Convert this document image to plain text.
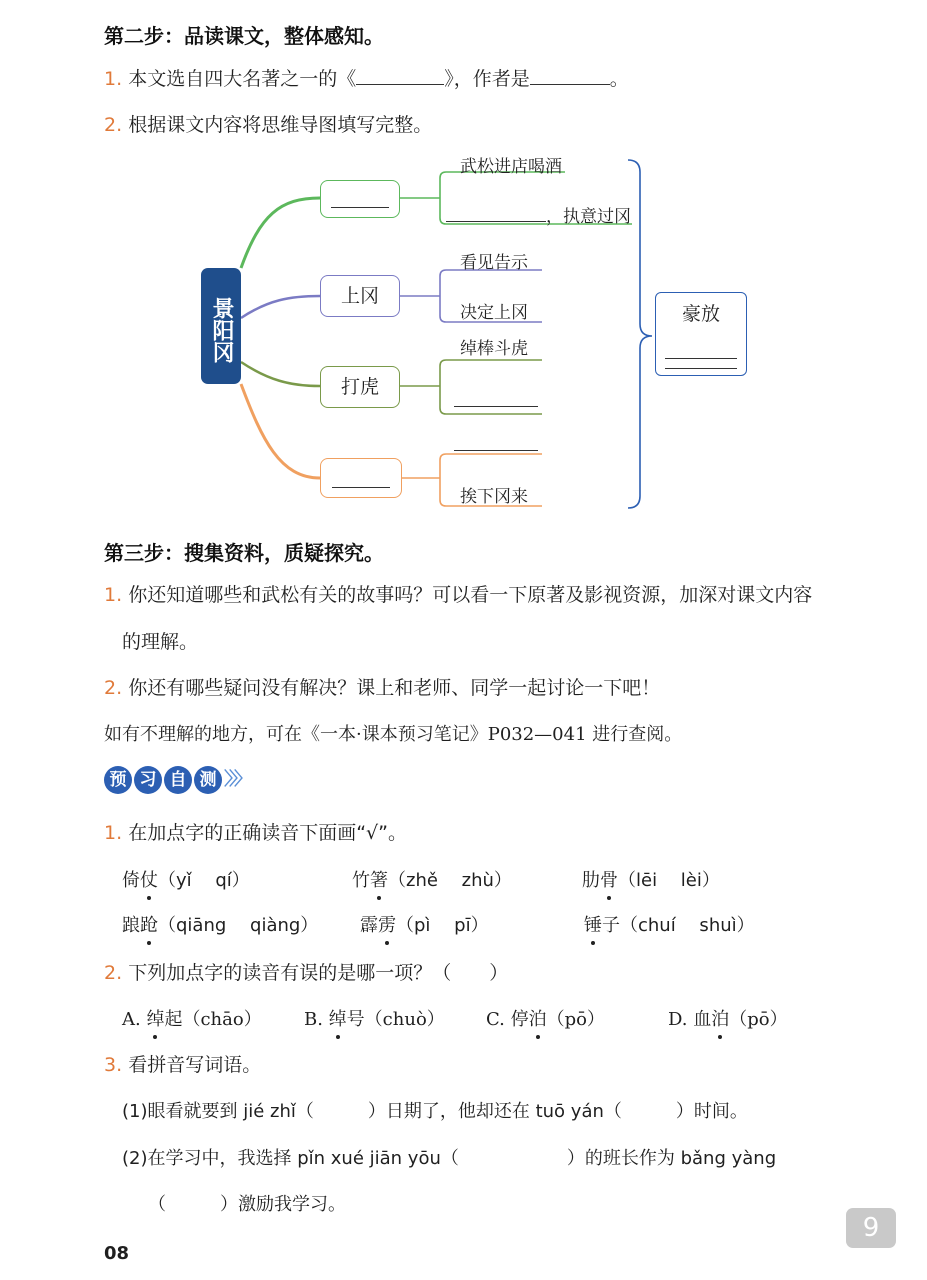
第二步：品读课文，整体感知。
1. 本文选自四大名著之一的《	》，作者是	。
2. 根据课文内容将思维导图填写完整。
景阳冈
上冈
打虎
武松进店喝酒
，执意过冈
看见告示
决定上冈
绰棒斗虎
挨下冈来
豪放
第三步：搜集资料，质疑探究。
1. 你还知道哪些和武松有关的故事吗？可以看一下原著及影视资源，加深对课文内容
的理解。
2. 你还有哪些疑问没有解决？课上和老师、同学一起讨论一下吧！
如有不理解的地方，可在《一本·课本预习笔记》P032—041 进行查阅。
预 习 自 测 〉〉〉
1. 在加点字的正确读音下面画“√”。
倚仗（yǐ　 qí）	竹箸（zhě　 zhù）	肋骨（lēi　 lèi）
踉跄（qiāng　 qiàng） 霹雳（pì　 pī）	锤子（chuí　 shuì）
2. 下列加点字的读音有误的是哪一项？（　　）
A. 绰起（chāo） B. 绰号（chuò） C. 停泊（pō）	D. 血泊（pō）
3. 看拼音写词语。
(1)眼看就要到 jié zhǐ（　　　）日期了，他却还在 tuō yán（　　　）时间。
(2)在学习中，我选择 pǐn xué jiān yōu（　　　　　　）的班长作为 bǎng yàng
（　　　）激励我学习。
08
9
